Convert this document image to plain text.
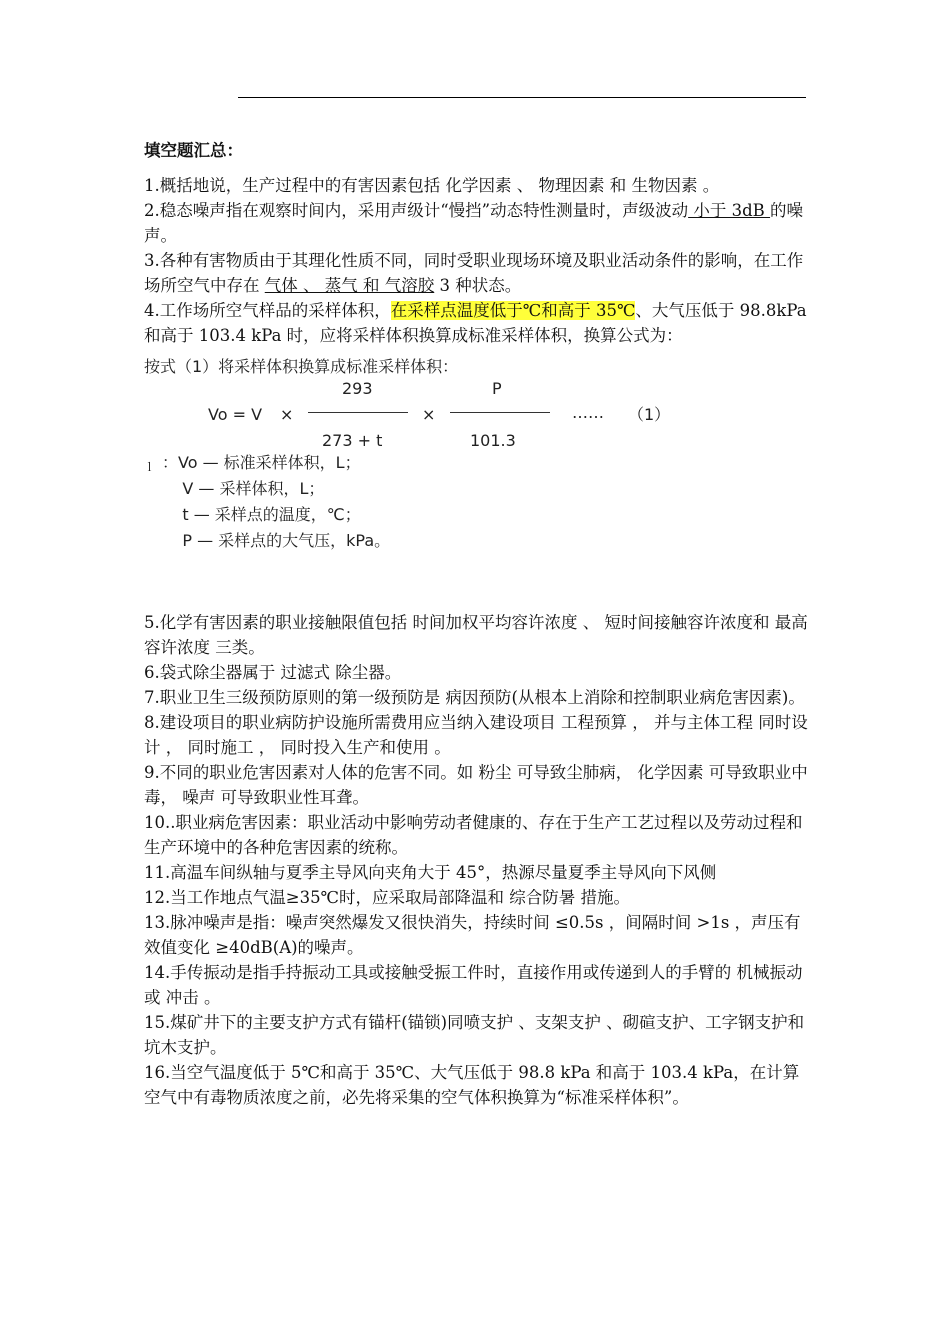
填空题汇总：

1.概括地说，生产过程中的有害因素包括 化学因素 、 物理因素 和 生物因素 。

2.稳态噪声指在观察时间内，采用声级计“慢挡”动态特性测量时，声级波动 小于 3dB 的噪声。

3.各种有害物质由于其理化性质不同，同时受职业现场环境及职业活动条件的影响，在工作场所空气中存在 气体 、 蒸气 和 气溶胶 3 种状态。

4.工作场所空气样品的采样体积，在采样点温度低于℃和高于 35℃、大气压低于 98.8kPa 和高于 103.4 kPa 时，应将采样体积换算成标准采样体积，换算公式为：

按式（1）将采样体积换算成标准采样体积：
293	P
Vo = V ×	×	…… （1）
273 + t	101.3
ｌ ：Vo — 标准采样体积，L；
V — 采样体积，L；
t — 采样点的温度，℃；
P — 采样点的大气压，kPa。

5.化学有害因素的职业接触限值包括 时间加权平均容许浓度 、 短时间接触容许浓度和 最高容许浓度 三类。

6.袋式除尘器属于 过滤式 除尘器。

7.职业卫生三级预防原则的第一级预防是 病因预防(从根本上消除和控制职业病危害因素)。

8.建设项目的职业病防护设施所需费用应当纳入建设项目 工程预算 ， 并与主体工程 同时设计 ， 同时施工 ， 同时投入生产和使用 。

9.不同的职业危害因素对人体的危害不同。如 粉尘 可导致尘肺病， 化学因素 可导致职业中毒， 噪声 可导致职业性耳聋。

10..职业病危害因素：职业活动中影响劳动者健康的、存在于生产工艺过程以及劳动过程和生产环境中的各种危害因素的统称。

11.高温车间纵轴与夏季主导风向夹角大于 45°，热源尽量夏季主导风向下风侧

12.当工作地点气温≥35℃时，应采取局部降温和 综合防暑 措施。

13.脉冲噪声是指：噪声突然爆发又很快消失，持续时间 ≤0.5s ，间隔时间 >1s ，声压有效值变化 ≥40dB(A)的噪声。

14.手传振动是指手持振动工具或接触受振工件时，直接作用或传递到人的手臂的 机械振动 或 冲击 。

15.煤矿井下的主要支护方式有锚杆(锚锁)同喷支护 、支架支护 、砌碹支护、工字钢支护和坑木支护。

16.当空气温度低于 5℃和高于 35℃、大气压低于 98.8 kPa 和高于 103.4 kPa，在计算空气中有毒物质浓度之前，必先将采集的空气体积换算为“标准采样体积”。
